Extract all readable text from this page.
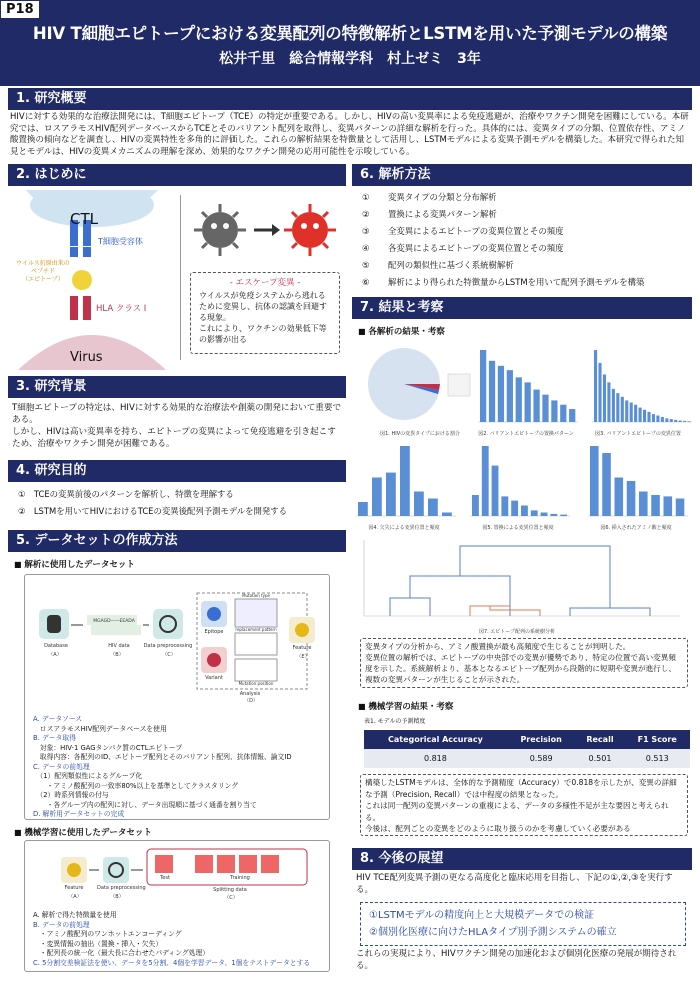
P18
HIV T細胞エピトープにおける変異配列の特徴解析とLSTMを用いた予測モデルの構築
松井千里　総合情報学科　村上ゼミ　3年
1. 研究概要
HIVに対する効果的な治療法開発には、T細胞エピトープ（TCE）の特定が重要である。しかし、HIVの高い変異率による免疫逃避が、治療やワクチン開発を困難にしている。本研究では、ロスアラモスHIV配列データベースからTCEとそのバリアント配列を取得し、変異パターンの詳細な解析を行った。具体的には、変異タイプの分類、位置依存性、アミノ酸置換の傾向などを調査し、HIVの変異特性を多角的に評価した。これらの解析結果を特徴量として活用し、LSTMモデルによる変異予測モデルを構築した。本研究で得られた知見とモデルは、HIVの変異メカニズムの理解を深め、効果的なワクチン開発の応用可能性を示唆している。
2. はじめに
CTL
T細胞受容体
ウイルス抗原由来の
ペプチド
（エピトープ）
HLA クラス I
Virus
- エスケープ変異 -
ウイルスが免疫システムから逃れるために変異し、抗体の認識を回避する現象。
これにより、ワクチンの効果低下等の影響が出る
3. 研究背景
T細胞エピトープの特定は、HIVに対する効果的な治療法や創薬の開発において重要である。
しかし、HIVは高い変異率を持ち、エピトープの変異によって免疫逃避を引き起こすため、治療やワクチン開発が困難である。
4. 研究目的
①　TCEの変異前後のパターンを解析し、特徴を理解する
②　LSTMを用いてHIVにおけるTCEの変異後配列予測モデルを開発する
5. データセットの作成方法
■ 解析に使用したデータセット
Database	HIV data
MGAGD——EEADA
Data preprocessing
Epitope
Variant
Mutation type
replacement pattern
Mutation position
Feature
Analysis
（A）	（B）	（C）
（D）
（E）
A. データソース
　ロスアラモスHIV配列データベースを使用
B. データ取得
　対象：HIV-1 GAGタンパク質のCTLエピトープ
　取得内容：各配列のID、エピトープ配列とそのバリアント配列、抗体情報、論文ID
C. データの前処理
　（1）配列類似性によるグループ化
　　・アミノ酸配列の一致率80%以上を基準としてクラスタリング
　（2）時系列情報の付与
　　・各グループ内の配列に対し、データ出現順に基づく通番を割り当て
D. 解析用データセットの完成
■ 機械学習に使用したデータセット
Feature	Data preprocessing
Test	Training
Splitting data
（A）	（B）	（C）
A. 解析で得た特徴量を使用
B. データの前処理
　・アミノ酸配列のワンホットエンコーディング
　・変異情報の抽出（置換・挿入・欠失）
　・配列長の統一化（最大長に合わせたパディング処理）
C. 5分割交差検証法を使い、データを5分割、4個を学習データ、1個をテストデータとする
6. 解析方法
① 変異タイプの分類と分布解析
② 置換による変異パターン解析
③ 全変異によるエピトープの変異位置とその頻度
④ 各変異によるエピトープの変異位置とその頻度
⑤ 配列の類似性に基づく系統樹解析
⑥ 解析により得られた特徴量からLSTMを用いて配列予測モデルを構築
7. 結果と考察
■ 各解析の結果・考察
図1. HIVの変異タイプにおける割合	図2. バリアントエピトープの置換パターン	図3. バリアントエピトープの変異位置
図4. 欠失による変異位置と頻度	図5. 置換による変異位置と頻度	図6. 挿入されたアミノ酸と頻度
図7. エピトープ配列の系統樹分析
変異タイプの分析から、アミノ酸置換が最も高頻度で生じることが判明した。
変異位置の解析では、エピトープの中央部での変異が優勢であり、特定の位置で高い変異頻度を示した。系統解析より、基本となるエピトープ配列から段階的に短期や変異が進行し、複数の変異パターンが生じることが示された。
■ 機械学習の結果・考察
表1. モデルの予測精度
Categorical Accuracy	Precision	Recall	F1 Score
0.818	0.589	0.501	0.513
構築したLSTMモデルは、全体的な予測精度（Accuracy）で0.818を示したが、変異の詳細な予測（Precision, Recall）では中程度の結果となった。
これは同一配列の変異パターンの重複による、データの多様性不足が主な要因と考えられる。
今後は、配列ごとの変異をどのように取り扱うのかを考慮していく必要がある
8. 今後の展望
HIV TCE配列変異予測の更なる高度化と臨床応用を目指し、下記の①,②,③を実行する。
①LSTMモデルの精度向上と大規模データでの検証
②個別化医療に向けたHLAタイプ別予測システムの確立
これらの実現により、HIVワクチン開発の加速化および個別化医療の発展が期待される。
